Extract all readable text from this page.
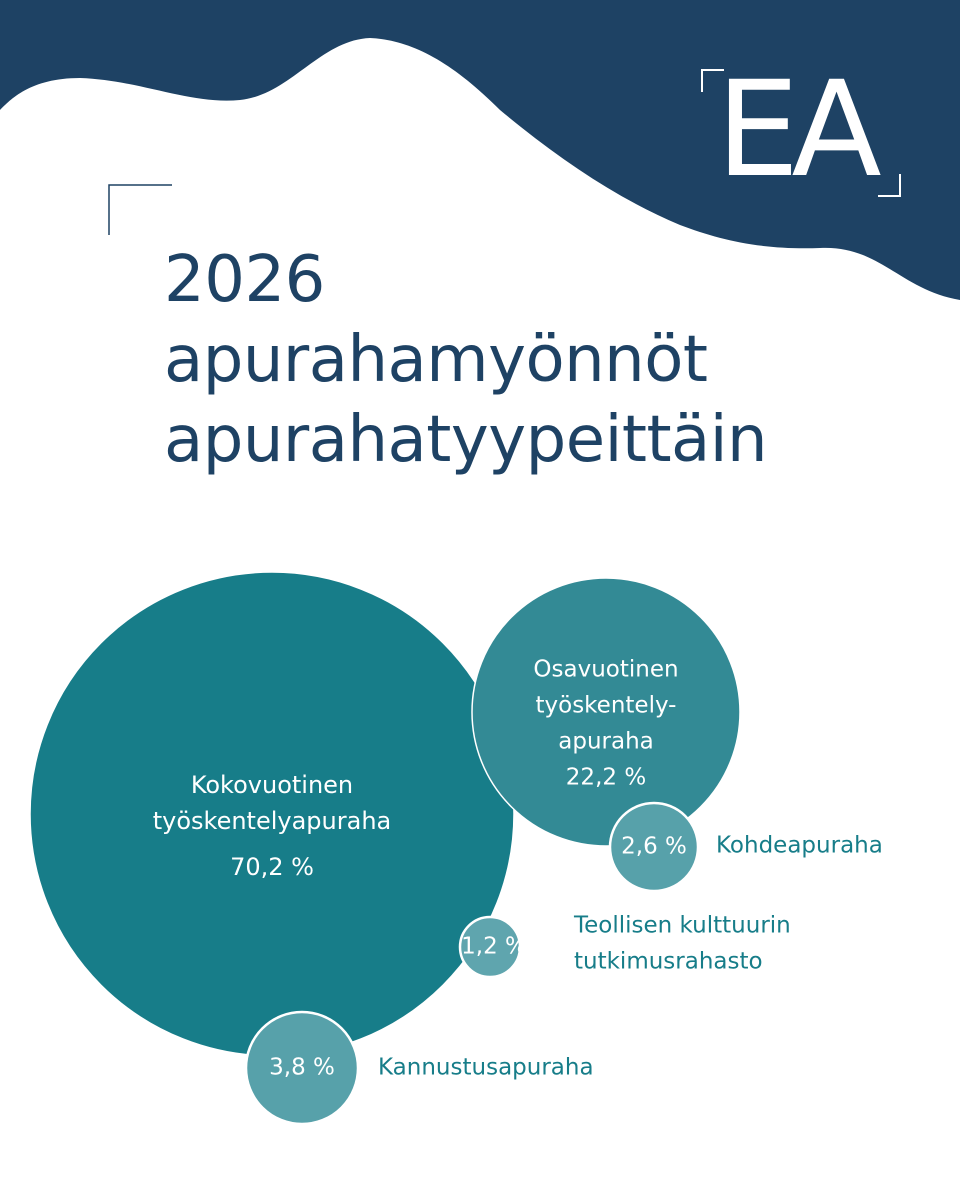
EA
2026
apurahamyönnöt
apurahatyypeittäin
Kokovuotinen
työskentelyapuraha
70,2 %
Osavuotinen
työskentely-
apuraha
22,2 %
2,6 % Kohdeapuraha
1,2 %
Teollisen kulttuurin
tutkimusrahasto
3,8 % Kannustusapuraha
